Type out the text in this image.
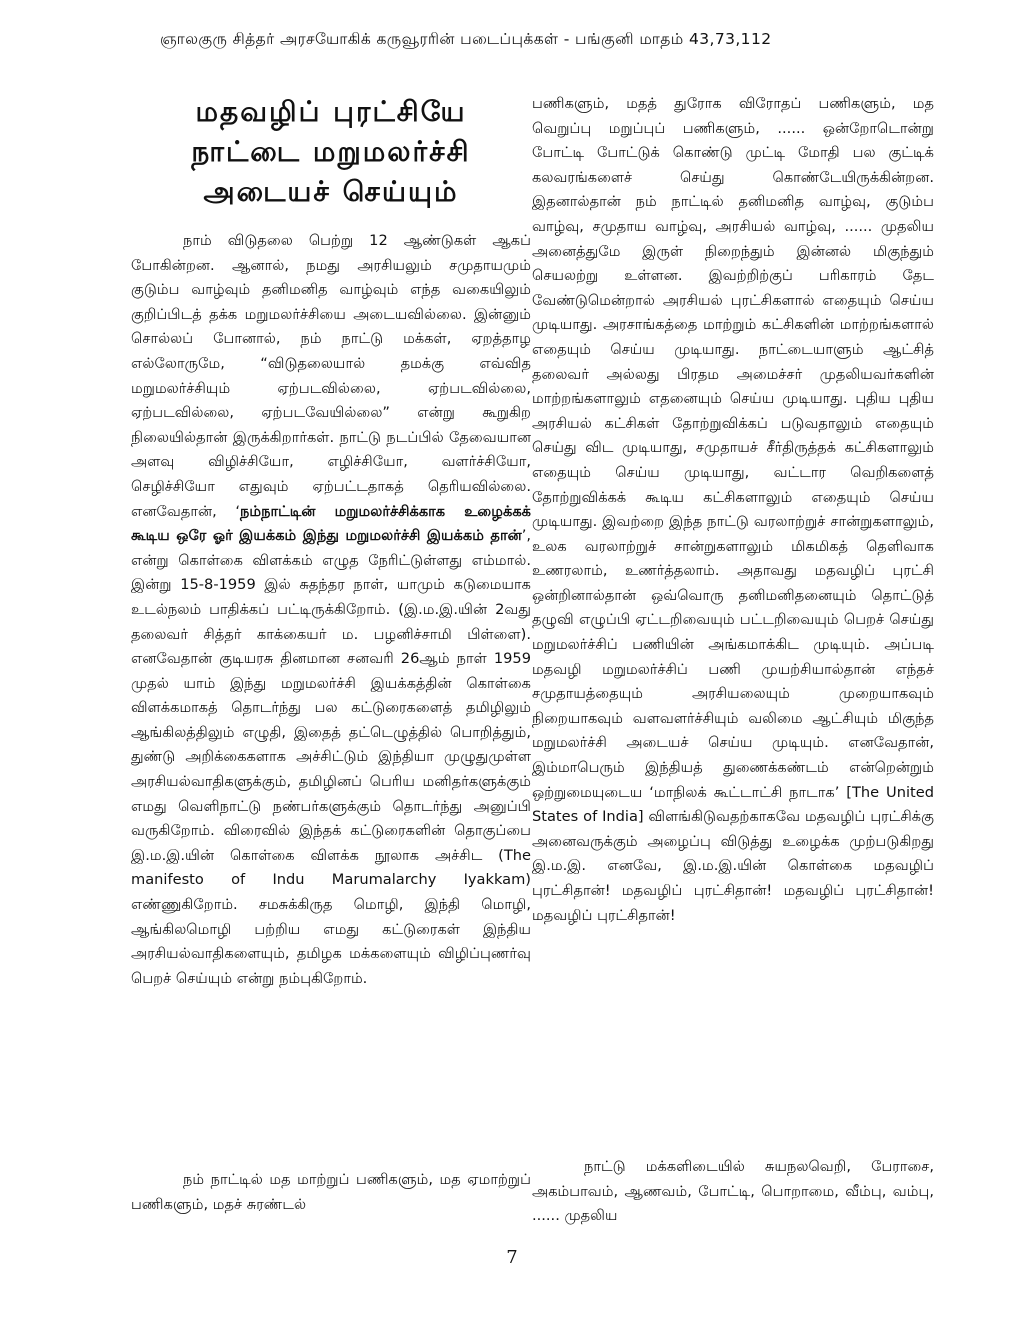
ஞாலகுரு சித்தர் அரசயோகிக் கருவூரரின் படைப்புக்கள் - பங்குனி மாதம் 43,73,112
மதவழிப் புரட்சியே
நாட்டை மறுமலர்ச்சி
அடையச் செய்யும்

நாம் விடுதலை பெற்று 12 ஆண்டுகள் ஆகப் போகின்றன. ஆனால், நமது அரசியலும் சமுதாயமும் குடும்ப வாழ்வும் தனிமனித வாழ்வும் எந்த வகையிலும் குறிப்பிடத் தக்க மறுமலர்ச்சியை அடையவில்லை. இன்னும் சொல்லப் போனால், நம் நாட்டு மக்கள், ஏறத்தாழ எல்லோருமே, “விடுதலையால் தமக்கு எவ்வித மறுமலர்ச்சியும் ஏற்படவில்லை, ஏற்படவில்லை, ஏற்படவில்லை, ஏற்படவேயில்லை” என்று கூறுகிற நிலையில்தான் இருக்கிறார்கள். நாட்டு நடப்பில் தேவையான அளவு விழிச்சியோ, எழிச்சியோ, வளர்ச்சியோ, செழிச்சியோ எதுவும் ஏற்பட்டதாகத் தெரியவில்லை. எனவேதான், ‘நம்நாட்டின் மறுமலர்ச்சிக்காக உழைக்கக் கூடிய ஒரே ஓர் இயக்கம் இந்து மறுமலர்ச்சி இயக்கம் தான்’, என்று கொள்கை விளக்கம் எழுத நேரிட்டுள்ளது எம்மால். இன்று 15-8-1959 இல் சுதந்தர நாள், யாமும் கடுமையாக உடல்நலம் பாதிக்கப் பட்டிருக்கிறோம். (இ.ம.இ.யின் 2வது தலைவர் சித்தர் காக்கையர் ம. பழனிச்சாமி பிள்ளை). எனவேதான் குடியரசு தினமான சனவரி 26ஆம் நாள் 1959 முதல் யாம் இந்து மறுமலர்ச்சி இயக்கத்தின் கொள்கை விளக்கமாகத் தொடர்ந்து பல கட்டுரைகளைத் தமிழிலும் ஆங்கிலத்திலும் எழுதி, இதைத் தட்டெழுத்தில் பொறித்தும், துண்டு அறிக்கைகளாக அச்சிட்டும் இந்தியா முழுதுமுள்ள அரசியல்வாதிகளுக்கும், தமிழினப் பெரிய மனிதர்களுக்கும் எமது வெளிநாட்டு நண்பர்களுக்கும் தொடர்ந்து அனுப்பி வருகிறோம். விரைவில் இந்தக் கட்டுரைகளின் தொகுப்பை இ.ம.இ.யின் கொள்கை விளக்க நூலாக அச்சிட (The manifesto of Indu Marumalarchy Iyakkam) எண்ணுகிறோம். சமசுக்கிருத மொழி, இந்தி மொழி, ஆங்கிலமொழி பற்றிய எமது கட்டுரைகள் இந்திய அரசியல்வாதிகளையும், தமிழக மக்களையும் விழிப்புணர்வு பெறச் செய்யும் என்று நம்புகிறோம்.

நம் நாட்டில் மத மாற்றுப் பணிகளும், மத ஏமாற்றுப் பணிகளும், மதச் சுரண்டல்

பணிகளும், மதத் துரோக விரோதப் பணிகளும், மத வெறுப்பு மறுப்புப் பணிகளும், ...... ஒன்றோடொன்று போட்டி போட்டுக் கொண்டு முட்டி மோதி பல குட்டிக் கலவரங்களைச் செய்து கொண்டேயிருக்கின்றன. இதனால்தான் நம் நாட்டில் தனிமனித வாழ்வு, குடும்ப வாழ்வு, சமுதாய வாழ்வு, அரசியல் வாழ்வு, ...... முதலிய அனைத்துமே இருள் நிறைந்தும் இன்னல் மிகுந்தும் செயலற்று உள்ளன. இவற்றிற்குப் பரிகாரம் தேட வேண்டுமென்றால் அரசியல் புரட்சிகளால் எதையும் செய்ய முடியாது. அரசாங்கத்தை மாற்றும் கட்சிகளின் மாற்றங்களால் எதையும் செய்ய முடியாது. நாட்டையாளும் ஆட்சித் தலைவர் அல்லது பிரதம அமைச்சர் முதலியவர்களின் மாற்றங்களாலும் எதனையும் செய்ய முடியாது. புதிய புதிய அரசியல் கட்சிகள் தோற்றுவிக்கப் படுவதாலும் எதையும் செய்து விட முடியாது, சமுதாயச் சீர்திருத்தக் கட்சிகளாலும் எதையும் செய்ய முடியாது, வட்டார வெறிகளைத் தோற்றுவிக்கக் கூடிய கட்சிகளாலும் எதையும் செய்ய முடியாது. இவற்றை இந்த நாட்டு வரலாற்றுச் சான்றுகளாலும், உலக வரலாற்றுச் சான்றுகளாலும் மிகமிகத் தெளிவாக உணரலாம், உணர்த்தலாம். அதாவது மதவழிப் புரட்சி ஒன்றினால்தான் ஒவ்வொரு தனிமனிதனையும் தொட்டுத் தழுவி எழுப்பி ஏட்டறிவையும் பட்டறிவையும் பெறச் செய்து மறுமலர்ச்சிப் பணியின் அங்கமாக்கிட முடியும். அப்படி மதவழி மறுமலர்ச்சிப் பணி முயற்சியால்தான் எந்தச் சமுதாயத்தையும் அரசியலையும் முறையாகவும் நிறையாகவும் வளவளர்ச்சியும் வலிமை ஆட்சியும் மிகுந்த மறுமலர்ச்சி அடையச் செய்ய முடியும். எனவேதான், இம்மாபெரும் இந்தியத் துணைக்கண்டம் என்றென்றும் ஒற்றுமையுடைய ‘மாநிலக் கூட்டாட்சி நாடாக’ [The United States of India] விளங்கிடுவதற்காகவே மதவழிப் புரட்சிக்கு அனைவருக்கும் அழைப்பு விடுத்து உழைக்க முற்படுகிறது இ.ம.இ. எனவே, இ.ம.இ.யின் கொள்கை மதவழிப் புரட்சிதான்! மதவழிப் புரட்சிதான்! மதவழிப் புரட்சிதான்! மதவழிப் புரட்சிதான்!

நாட்டு மக்களிடையில் சுயநலவெறி, பேராசை, அகம்பாவம், ஆணவம், போட்டி, பொறாமை, வீம்பு, வம்பு, ...... முதலிய

7
